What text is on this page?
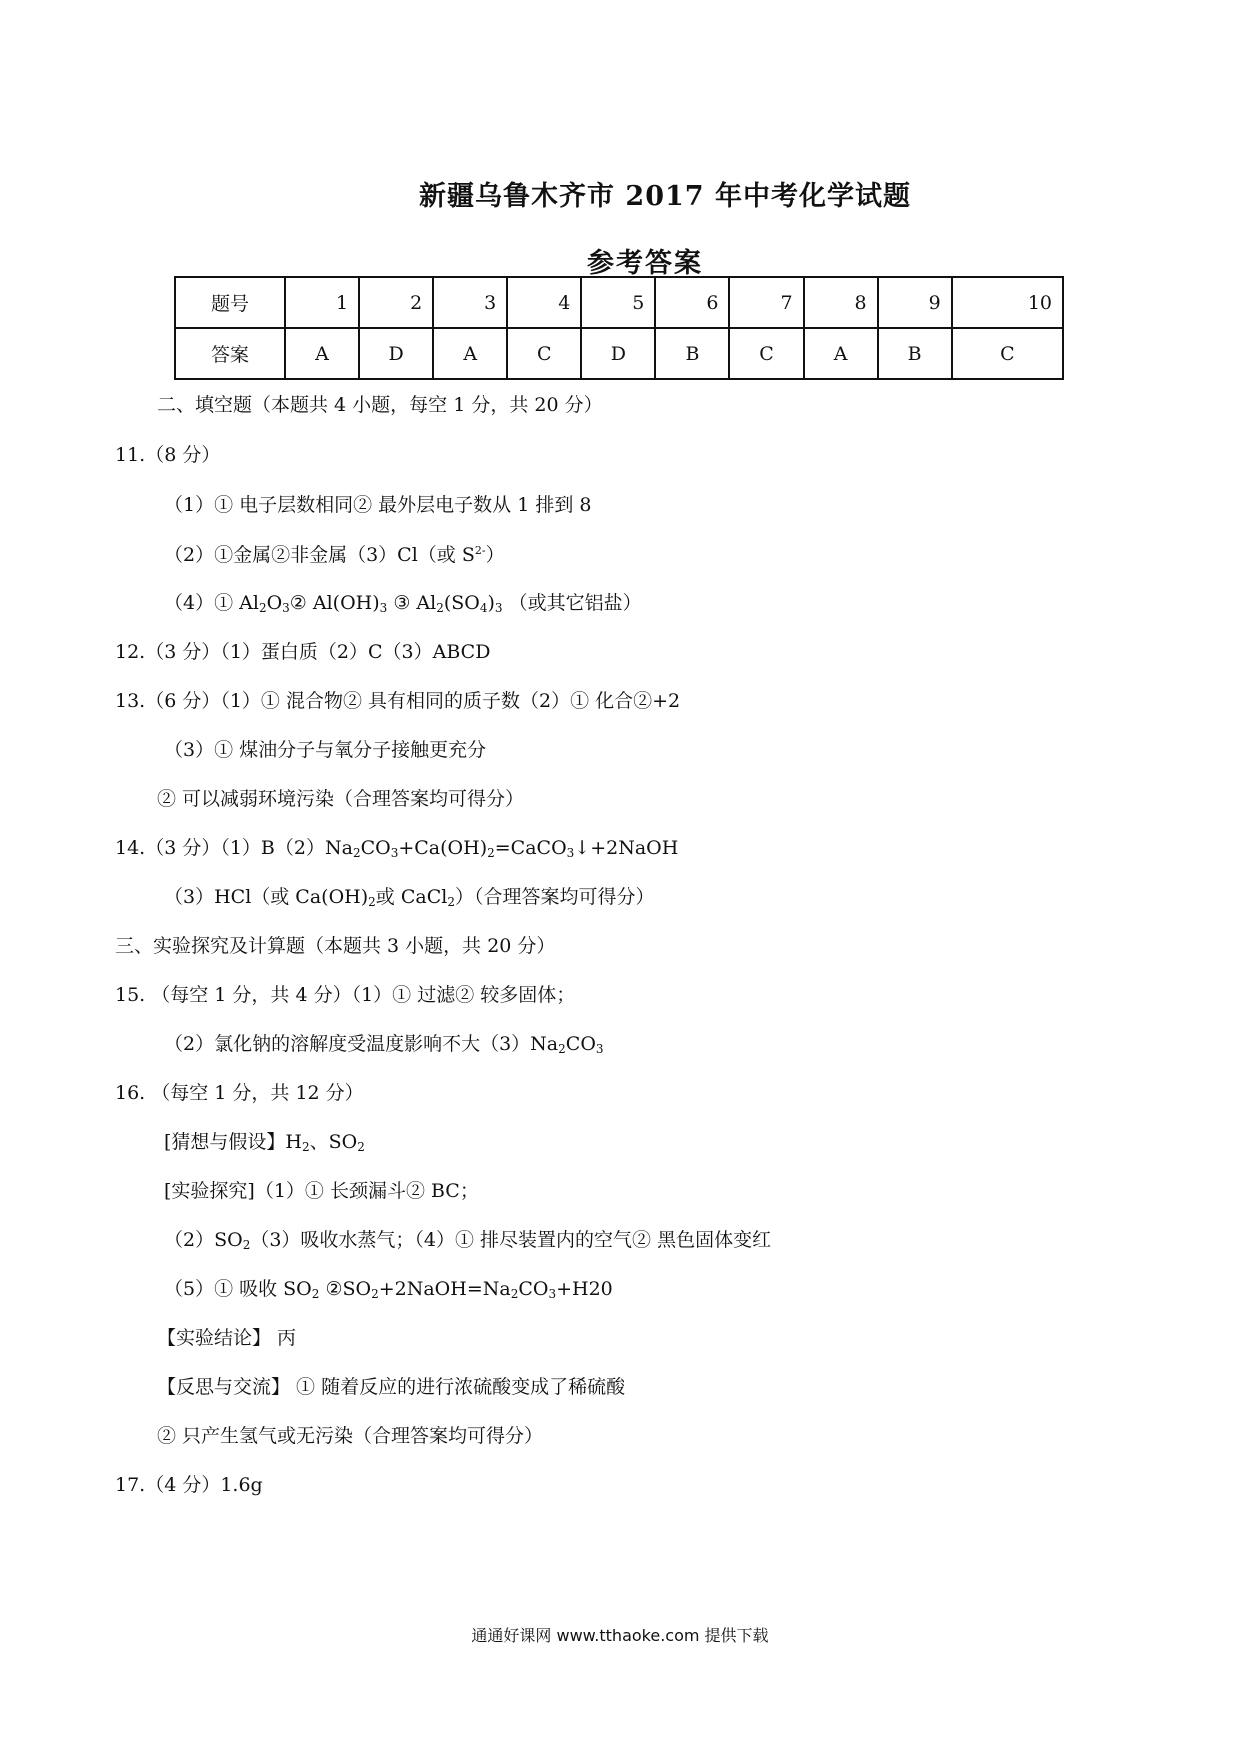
新疆乌鲁木齐市 2017 年中考化学试题
参考答案
题号	1	2	3	4	5	6	7	8	9	10
答案	A	D	A	C	D	B	C	A	B	C
二、填空题（本题共 4 小题，每空 1 分，共 20 分）
11.（8 分）
（1）① 电子层数相同② 最外层电子数从 1 排到 8
（2）①金属②非金属（3）Cl（或 $S^{2-}$）
（4）① $Al_2O_3②$ $Al(OH)_3$ ③ $Al_2(SO_4)_3$ （或其它铝盐）
12.（3 分）（1）蛋白质（2）C（3）ABCD
13.（6 分）（1）① 混合物② 具有相同的质子数（2）① 化合②+2
（3）① 煤油分子与氧分子接触更充分
② 可以减弱环境污染（合理答案均可得分）
14.（3 分）$(1)B(2)Na_2CO_3+Ca(OH)_2=CaCO_3↓+2NaOH$
（3）HCl（或 $Ca(OH)_2$或 CaCl$_2$）（合理答案均可得分）
三、实验探究及计算题（本题共 3 小题，共 20 分）
15. （每空 1 分，共 4 分）（1）① 过滤② 较多固体；
（2）氯化钠的溶解度受温度影响不大$(3)Na_2CO_3$
16. （每空 1 分，共 12 分）
[猜想与假设】$H_2$、$SO_2$
[实验探究]（1）① 长颈漏斗② BC；
$(2)SO_2(3)$吸收水蒸气；（4）① 排尽装置内的空气② 黑色固体变红
（5）① 吸收 $SO_2$ $②SO_2+2NaOH=Na_2CO_3+H20$
【实验结论】 丙
【反思与交流】 ① 随着反应的进行浓硫酸变成了稀硫酸
② 只产生氢气或无污染（合理答案均可得分）
17.（4 分）1.6g
通通好课网 www.tthaoke.com 提供下载
